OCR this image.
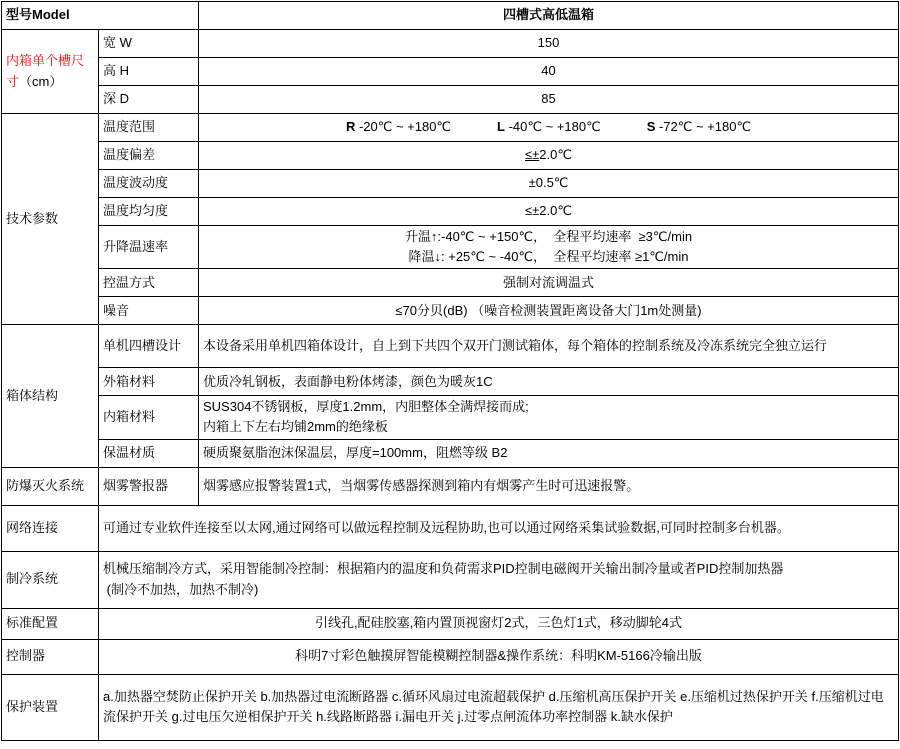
型号Model		四槽式高低温箱
内箱单个槽尺寸（cm）	宽 W	150
	高 H	40
	深 D	85
技术参数	温度范围	R -20℃ ~ +180℃ L -40℃ ~ +180℃ S -72℃ ~ +180℃
	温度偏差	≤±2.0℃
	温度波动度	±0.5℃
	温度均匀度	≤±2.0℃
	升降温速率	升温↑:-40℃ ~ +150℃，  全程平均速率  ≥3℃/min
降温↓: +25℃ ~ -40℃，  全程平均速率 ≥1℃/min

	控温方式	强制对流调温式
	噪音	≤70分贝(dB) （噪音检测装置距离设备大门1m处测量)
箱体结构	单机四槽设计	本设备采用单机四箱体设计，自上到下共四个双开门测试箱体，每个箱体的控制系统及冷冻系统完全独立运行
	外箱材料	优质冷轧钢板，表面静电粉体烤漆，颜色为暖灰1C
	内箱材料	SUS304不锈钢板，厚度1.2mm，内胆整体全满焊接而成;
内箱上下左右均铺2mm的绝缘板

	保温材质	硬质聚氨脂泡沫保温层，厚度=100mm，阻燃等级 B2
防爆灭火系统	烟雾警报器	烟雾感应报警装置1式，当烟雾传感器探测到箱内有烟雾产生时可迅速报警。
网络连接	可通过专业软件连接至以太网,通过网络可以做远程控制及远程协助,也可以通过网络采集试验数据,可同时控制多台机器。	
制冷系统	机械压缩制冷方式，采用智能制冷控制：根据箱内的温度和负荷需求PID控制电磁阀开关输出制冷量或者PID控制加热器
(制冷不加热，加热不制冷)	

标准配置	引线孔,配硅胶塞,箱内置顶视窗灯2式，三色灯1式，移动脚轮4式	
控制器	科明7寸彩色触摸屏智能模糊控制器&操作系统：科明KM-5166冷输出版	
保护装置	a.加热器空焚防止保护开关 b.加热器过电流断路器 c.循环风扇过电流超载保护 d.压缩机高压保护开关 e.压缩机过热保护开关 f.压缩机过电流保护开关 g.过电压欠逆相保护开关 h.线路断路器 i.漏电开关 j.过零点闸流体功率控制器 k.缺水保护	
